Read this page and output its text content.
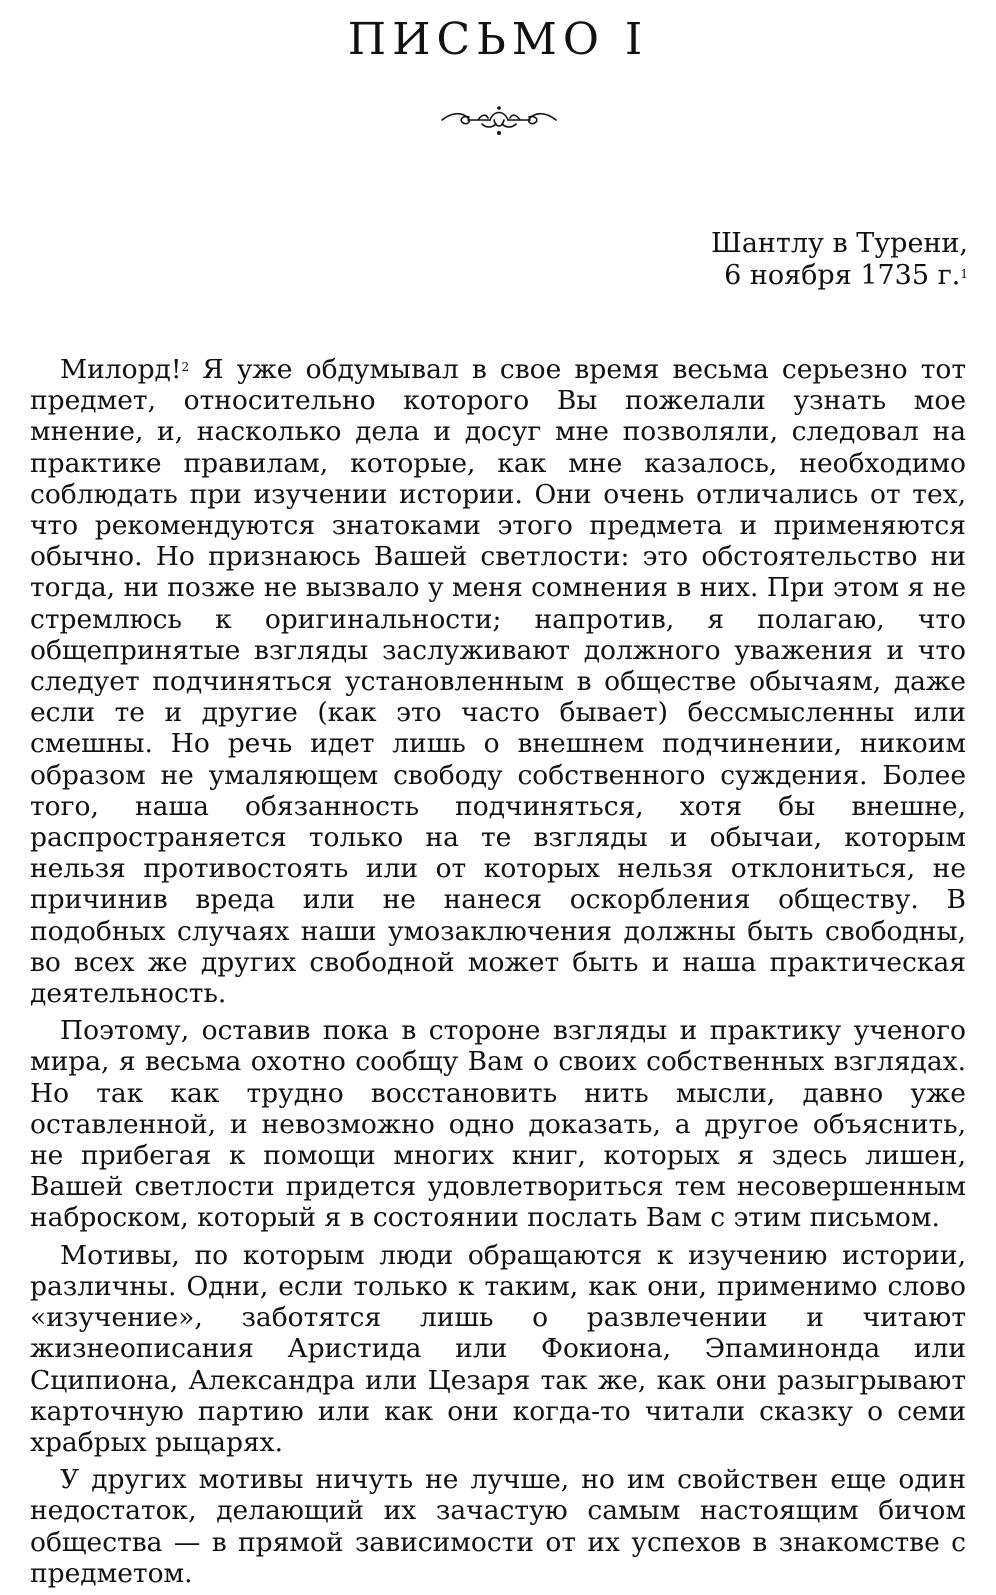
ПИСЬМО I
Шантлу в Турени,
6 ноября 1735 г.$^1$

Милорд!$^2$ Я уже обдумывал в свое время весьма серьезно тот предмет, относительно которого Вы пожелали узнать мое мнение, и, насколько дела и досуг мне позволяли, следовал на практике правилам, которые, как мне казалось, необходимо соблюдать при изучении истории. Они очень отличались от тех, что рекомендуются знатоками этого предмета и применяются обычно. Но признаюсь Вашей светлости: это обстоятельство ни тогда, ни позже не вызвало у меня сомнения в них. При этом я не стремлюсь к оригинальности; напротив, я полагаю, что общепринятые взгляды заслуживают должного уважения и что следует подчиняться установленным в обществе обычаям, даже если те и другие (как это часто бывает) бессмысленны или смешны. Но речь идет лишь о внешнем подчинении, никоим образом не умаляющем свободу собственного суждения. Более того, наша обязанность подчиняться, хотя бы внешне, распространяется только на те взгляды и обычаи, которым нельзя противостоять или от которых нельзя отклониться, не причинив вреда или не нанеся оскорбления обществу. В подобных случаях наши умозаключения должны быть свободны, во всех же других свободной может быть и наша практическая деятельность.

Поэтому, оставив пока в стороне взгляды и практику ученого мира, я весьма охотно сообщу Вам о своих собственных взглядах. Но так как трудно восстановить нить мысли, давно уже оставленной, и невозможно одно доказать, а другое объяснить, не прибегая к помощи многих книг, которых я здесь лишен, Вашей светлости придется удовлетвориться тем несовершенным наброском, который я в состоянии послать Вам с этим письмом.

Мотивы, по которым люди обращаются к изучению истории, различны. Одни, если только к таким, как они, применимо слово «изучение», заботятся лишь о развлечении и читают жизнеописания Аристида или Фокиона, Эпаминонда или Сципиона, Александра или Цезаря так же, как они разыгрывают карточную партию или как они когда-то читали сказку о семи храбрых рыцарях.

У других мотивы ничуть не лучше, но им свойствен еще один недостаток, делающий их зачастую самым настоящим бичом общества — в прямой зависимости от их успехов в знакомстве с предметом.
